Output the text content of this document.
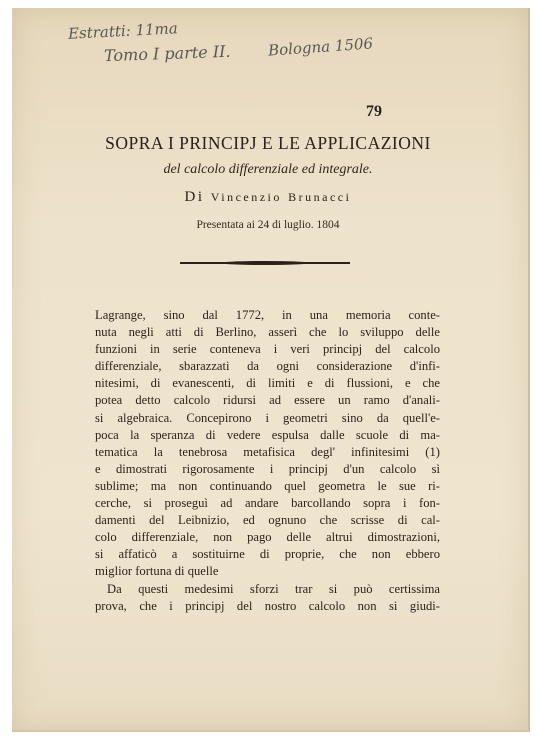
Estratti: 11ma
Tomo I parte II. Bologna 1506
79
SOPRA I PRINCIPJ E LE APPLICAZIONI
del calcolo differenziale ed integrale.
Di Vincenzio Brunacci
Presentata ai 24 di luglio. 1804
Lagrange, sino dal 1772, in una memoria conte-
nuta negli atti di Berlino, asserì che lo sviluppo delle
funzioni in serie conteneva i veri principj del calcolo
differenziale, sbarazzati da ogni considerazione d'infi-
nitesimi, di evanescenti, di limiti e di flussioni, e che
potea detto calcolo ridursi ad essere un ramo d'anali-
si algebraica. Concepirono i geometri sino da quell'e-
poca la speranza di vedere espulsa dalle scuole di ma-
tematica la tenebrosa metafisica degl' infinitesimi (1)
e dimostrati rigorosamente i principj d'un calcolo sì
sublime; ma non continuando quel geometra le sue ri-
cerche, si proseguì ad andare barcollando sopra i fon-
damenti del Leibnizio, ed ognuno che scrisse di cal-
colo differenziale, non pago delle altrui dimostrazioni,
si affaticò a sostituirne di proprie, che non ebbero
miglior fortuna di quelle
Da questi medesimi sforzi trar si può certissima
prova, che i principj del nostro calcolo non si giudi-
